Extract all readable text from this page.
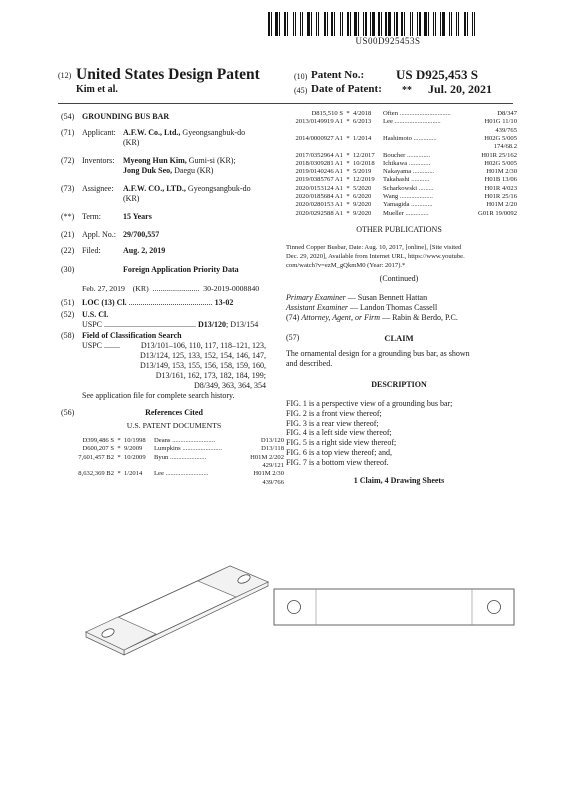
US00D925453S
(12) United States Design Patent
Kim et al.
(10) Patent No.: US D925,453 S
(45) Date of Patent: ** Jul. 20, 2021
(54) GROUNDING BUS BAR
(71) Applicant: A.F.W. Co., Ltd., Gyeongsangbuk-do
(KR)
(72) Inventors: Myeong Hun Kim, Gumi-si (KR);
Jong Duk Seo, Daegu (KR)
(73) Assignee: A.F.W. CO., LTD., Gyeongsangbuk-do
(KR)
(**) Term:	15 Years
(21) Appl. No.: 29/700,557
(22) Filed:	Aug. 2, 2019
(30)	Foreign Application Priority Data
Feb. 27, 2019    (KR)  ........................  30-2019-0008840
(51) LOC (13) Cl. .......................................... 13-02
(52) U.S. Cl.
USPC .............................................. D13/120; D13/154
(58) Field of Classification Search
USPC ........	D13/101–106, 110, 117, 118–121, 123,
D13/124, 125, 133, 152, 154, 146, 147,
D13/149, 153, 155, 156, 158, 159, 160,
D13/161, 162, 173, 182, 184, 199;
D8/349, 363, 364, 354
See application file for complete search history.
(56)	References Cited
U.S. PATENT DOCUMENTS
D399,486 S * 10/1998 Deans ..........................	D13/120
D600,207 S * 9/2009 Lumpkins ........................	D13/118
7,601,457 B2 * 10/2009 Byun ......................	H01M 2/202
429/121
8,632,369 B2 * 1/2014 Lee ..........................	H01M 2/30
439/766
D815,510 S * 4/2018 Often ...............................	D8/347
2013/0149919 A1 * 6/2013 Lee ............................	H01G 11/10
439/765
2014/0000927 A1 * 1/2014 Hashimoto ..............	H02G 5/005
174/68.2
2017/0352964 A1 * 12/2017 Boucher ..............	H01R 25/162
2018/0309281 A1 * 10/2018 Ichikawa .............	H02G 5/005
2019/0140246 A1 * 5/2019 Nakayama .............	H01M 2/30
2019/0385767 A1 * 12/2019 Takahashi ...........	H01B 13/06
2020/0153124 A1 * 5/2020 Scharkowski .........	H01R 4/023
2020/0185684 A1 * 6/2020 Wang ....................	H01R 25/16
2020/0280153 A1 * 9/2020 Yamagida .............	H01M 2/20
2020/0292588 A1 * 9/2020 Mueller ..............	G01R 19/0092
OTHER PUBLICATIONS
Tinned Copper Busbar, Date: Aug. 10, 2017, [online], [Site visited
Dec. 29, 2020], Available from Internet URL, https://www.youtube.
com/watch?v=ezM_gQkmM0 (Year: 2017).*
(Continued)
Primary Examiner — Susan Bennett Hattan
Assistant Examiner — Landon Thomas Cassell
(74) Attorney, Agent, or Firm — Rabin & Berdo, P.C.
(57)	CLAIM
The ornamental design for a grounding bus bar, as shown
and described.
DESCRIPTION
FIG. 1 is a perspective view of a grounding bus bar;
FIG. 2 is a front view thereof;
FIG. 3 is a rear view thereof;
FIG. 4 is a left side view thereof;
FIG. 5 is a right side view thereof;
FIG. 6 is a top view thereof; and,
FIG. 7 is a bottom view thereof.
1 Claim, 4 Drawing Sheets
